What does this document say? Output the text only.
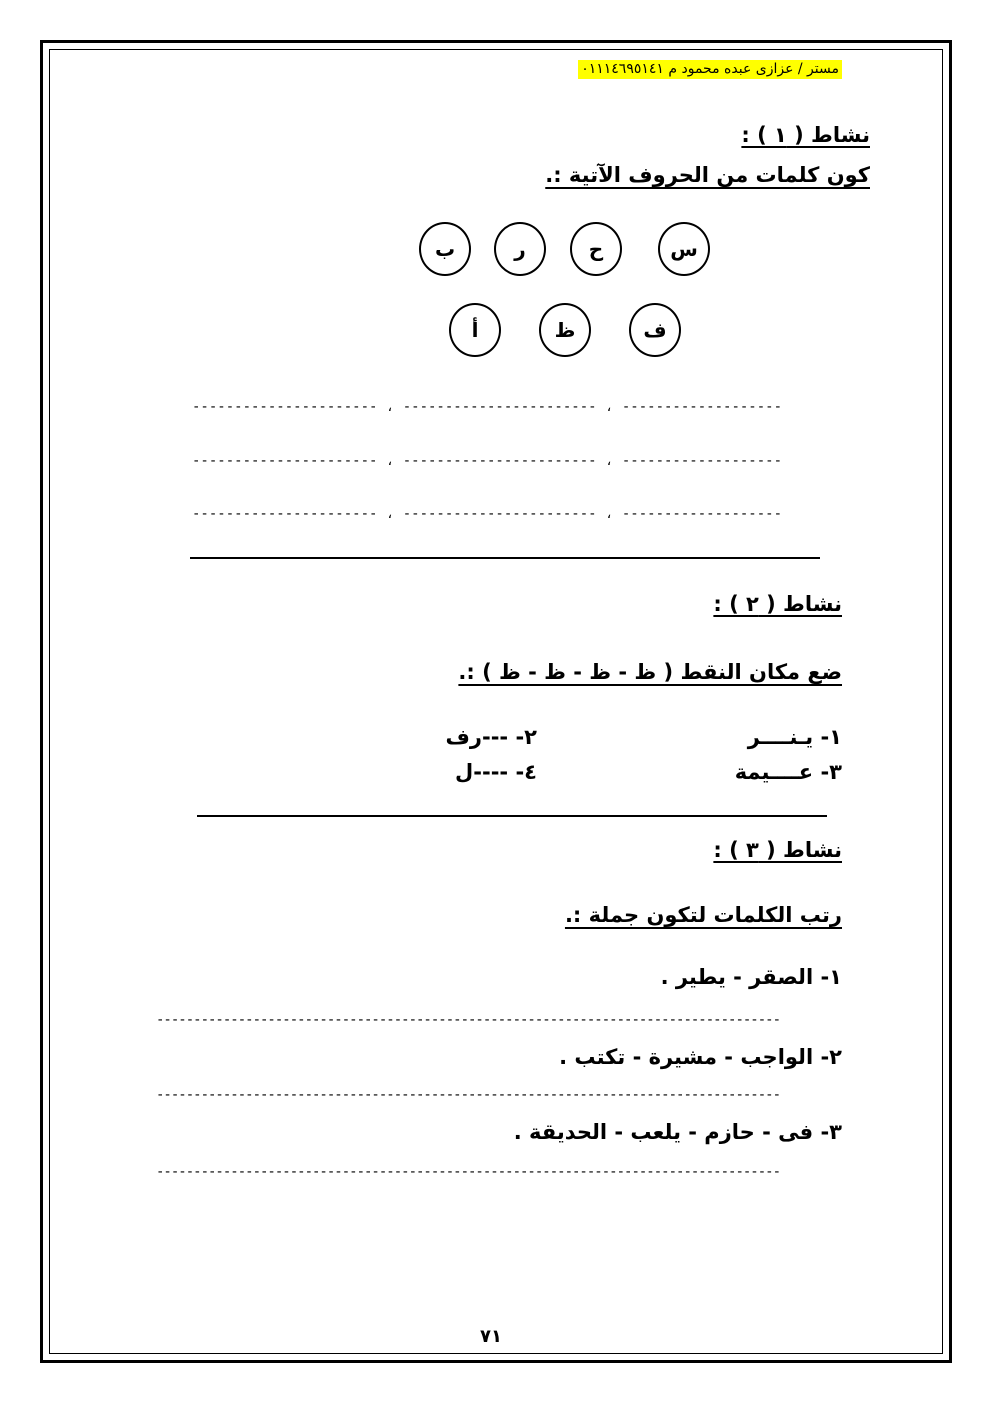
مستر / عزازى عبده محمود م ٠١١١٤٦٩٥١٤١
نشاط ( ١ ) :
كون كلمات من الحروف الآتية :.
س
ح
ر
ب
ف
ظ
أ
---------------------- ، ----------------------- ، -------------------
---------------------- ، ----------------------- ، -------------------
---------------------- ، ----------------------- ، -------------------
نشاط ( ٢ ) :
ضع مكان النقط ( ظ - ظ - ظ - ظ ) :.
١- يـنــــر
٢- ---رف
٣- عــــيمة
٤- ----ل
نشاط ( ٣ ) :
رتب الكلمات لتكون جملة :.
١- الصقر - يطير .
------------------------------------------------------------------------------------
٢- الواجب - مشيرة - تكتب .
------------------------------------------------------------------------------------
٣- فى - حازم - يلعب - الحديقة .
------------------------------------------------------------------------------------
٧١
